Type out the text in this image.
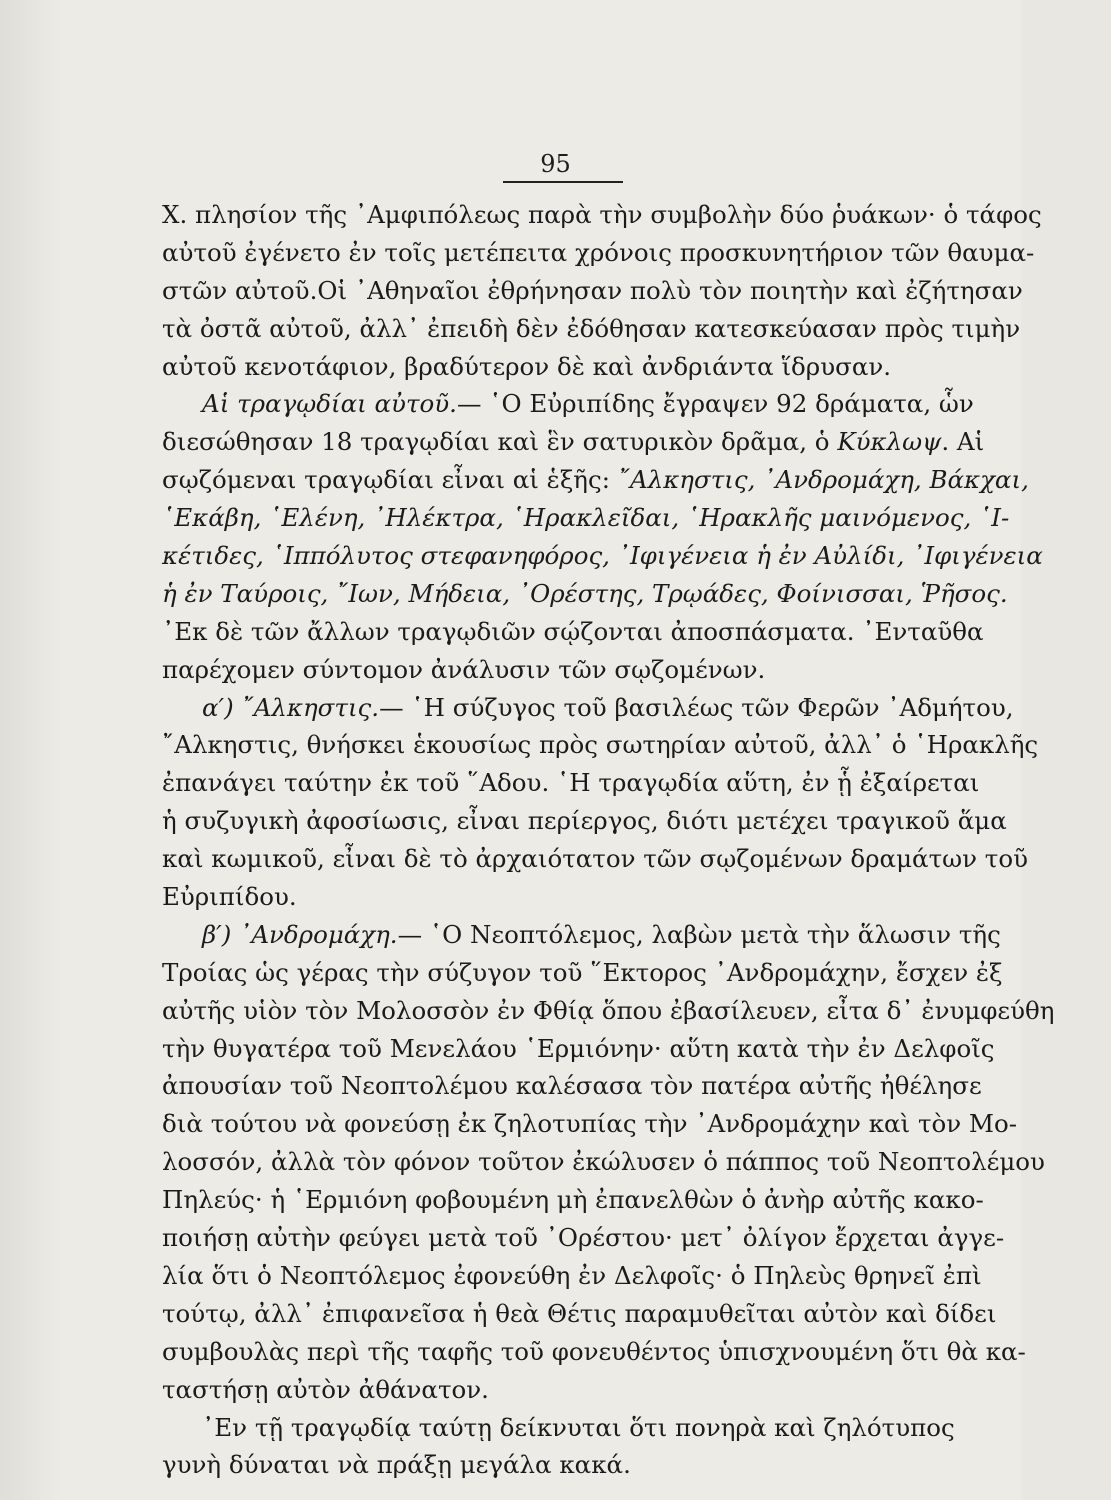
95
X. πλησίον τῆς ᾿Αμφιπόλεως παρὰ τὴν συμβολὴν δύο ῥυάκων· ὁ τάφος
αὐτοῦ ἐγένετο ἐν τοῖς μετέπειτα χρόνοις προσκυνητήριον τῶν θαυμα-
στῶν αὐτοῦ.Οἱ ᾿Αθηναῖοι ἐθρήνησαν πολὺ τὸν ποιητὴν καὶ ἐζήτησαν
τὰ ὀστᾶ αὐτοῦ, ἀλλ᾿ ἐπειδὴ δὲν ἐδόθησαν κατεσκεύασαν πρὸς τιμὴν
αὐτοῦ κενοτάφιον, βραδύτερον δὲ καὶ ἀνδριάντα ἵδρυσαν.
Αἱ τραγῳδίαι αὐτοῦ.— ῾Ο Εὐριπίδης ἔγραψεν 92 δράματα, ὧν
διεσώθησαν 18 τραγῳδίαι καὶ ἓν σατυρικὸν δρᾶμα, ὁ Κύκλωψ. Αἱ
σῳζόμεναι τραγῳδίαι εἶναι αἱ ἑξῆς: ῎Αλκηστις, ᾿Ανδρομάχη, Βάκχαι,
῾Εκάβη, ῾Ελένη, ᾿Ηλέκτρα, ῾Ηρακλεῖδαι, ῾Ηρακλῆς μαινόμενος, ῾Ι-
κέτιδες, ῾Ιππόλυτος στεφανηφόρος, ᾿Ιφιγένεια ἡ ἐν Αὐλίδι, ᾿Ιφιγένεια
ἡ ἐν Ταύροις, ῎Ιων, Μήδεια, ᾿Ορέστης, Τρῳάδες, Φοίνισσαι, Ῥῆσος.
᾿Εκ δὲ τῶν ἄλλων τραγῳδιῶν σῴζονται ἀποσπάσματα. ᾿Ενταῦθα
παρέχομεν σύντομον ἀνάλυσιν τῶν σῳζομένων.
α′) ῎Αλκηστις.— ῾Η σύζυγος τοῦ βασιλέως τῶν Φερῶν ᾿Αδμήτου,
῎Αλκηστις, θνήσκει ἑκουσίως πρὸς σωτηρίαν αὐτοῦ, ἀλλ᾿ ὁ ῾Ηρακλῆς
ἐπανάγει ταύτην ἐκ τοῦ ῞Αδου. ῾Η τραγῳδία αὕτη, ἐν ᾗ ἐξαίρεται
ἡ συζυγικὴ ἀφοσίωσις, εἶναι περίεργος, διότι μετέχει τραγικοῦ ἅμα
καὶ κωμικοῦ, εἶναι δὲ τὸ ἀρχαιότατον τῶν σῳζομένων δραμάτων τοῦ
Εὐριπίδου.
β′) ᾿Ανδρομάχη.— ῾Ο Νεοπτόλεμος, λαβὼν μετὰ τὴν ἅλωσιν τῆς
Τροίας ὡς γέρας τὴν σύζυγον τοῦ ῞Εκτορος ᾿Ανδρομάχην, ἔσχεν ἐξ
αὐτῆς υἱὸν τὸν Μολοσσὸν ἐν Φθίᾳ ὅπου ἐβασίλευεν, εἶτα δ᾿ ἐνυμφεύθη
τὴν θυγατέρα τοῦ Μενελάου ῾Ερμιόνην· αὕτη κατὰ τὴν ἐν Δελφοῖς
ἀπουσίαν τοῦ Νεοπτολέμου καλέσασα τὸν πατέρα αὐτῆς ἠθέλησε
διὰ τούτου νὰ φονεύσῃ ἐκ ζηλοτυπίας τὴν ᾿Ανδρομάχην καὶ τὸν Μο-
λοσσόν, ἀλλὰ τὸν φόνον τοῦτον ἐκώλυσεν ὁ πάππος τοῦ Νεοπτολέμου
Πηλεύς· ἡ ῾Ερμιόνη φοβουμένη μὴ ἐπανελθὼν ὁ ἀνὴρ αὐτῆς κακο-
ποιήσῃ αὐτὴν φεύγει μετὰ τοῦ ᾿Ορέστου· μετ᾿ ὀλίγον ἔρχεται ἀγγε-
λία ὅτι ὁ Νεοπτόλεμος ἐφονεύθη ἐν Δελφοῖς· ὁ Πηλεὺς θρηνεῖ ἐπὶ
τούτῳ, ἀλλ᾿ ἐπιφανεῖσα ἡ θεὰ Θέτις παραμυθεῖται αὐτὸν καὶ δίδει
συμβουλὰς περὶ τῆς ταφῆς τοῦ φονευθέντος ὑπισχνουμένη ὅτι θὰ κα-
ταστήσῃ αὐτὸν ἀθάνατον.
᾿Εν τῇ τραγῳδίᾳ ταύτῃ δείκνυται ὅτι πονηρὰ καὶ ζηλότυπος
γυνὴ δύναται νὰ πράξῃ μεγάλα κακά.
